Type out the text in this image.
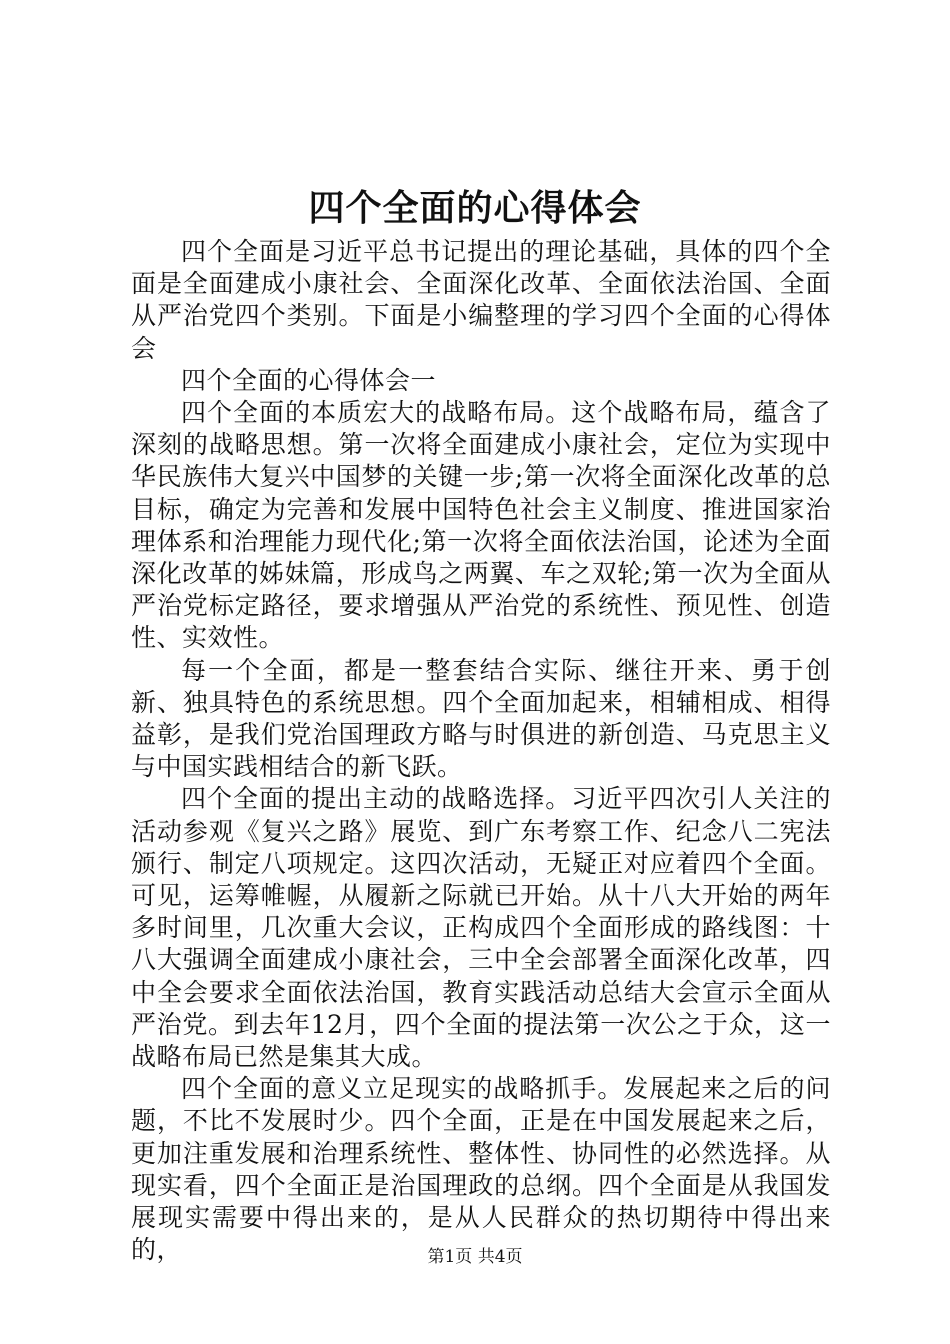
四个全面的心得体会

四个全面是习近平总书记提出的理论基础，具体的四个全面是全面建成小康社会、全面深化改革、全面依法治国、全面从严治党四个类别。下面是小编整理的学习四个全面的心得体会

四个全面的心得体会一

四个全面的本质宏大的战略布局。这个战略布局，蕴含了深刻的战略思想。第一次将全面建成小康社会，定位为实现中华民族伟大复兴中国梦的关键一步;第一次将全面深化改革的总目标，确定为完善和发展中国特色社会主义制度、推进国家治理体系和治理能力现代化;第一次将全面依法治国，论述为全面深化改革的姊妹篇，形成鸟之两翼、车之双轮;第一次为全面从严治党标定路径，要求增强从严治党的系统性、预见性、创造性、实效性。

每一个全面，都是一整套结合实际、继往开来、勇于创新、独具特色的系统思想。四个全面加起来，相辅相成、相得益彰，是我们党治国理政方略与时俱进的新创造、马克思主义与中国实践相结合的新飞跃。

四个全面的提出主动的战略选择。习近平四次引人关注的活动参观《复兴之路》展览、到广东考察工作、纪念八二宪法颁行、制定八项规定。这四次活动，无疑正对应着四个全面。可见，运筹帷幄，从履新之际就已开始。从十八大开始的两年多时间里，几次重大会议，正构成四个全面形成的路线图：十八大强调全面建成小康社会，三中全会部署全面深化改革，四中全会要求全面依法治国，教育实践活动总结大会宣示全面从严治党。到去年12月，四个全面的提法第一次公之于众，这一战略布局已然是集其大成。

四个全面的意义立足现实的战略抓手。发展起来之后的问题，不比不发展时少。四个全面，正是在中国发展起来之后，更加注重发展和治理系统性、整体性、协同性的必然选择。从现实看，四个全面正是治国理政的总纲。四个全面是从我国发展现实需要中得出来的，是从人民群众的热切期待中得出来的，	第1页 共4页
